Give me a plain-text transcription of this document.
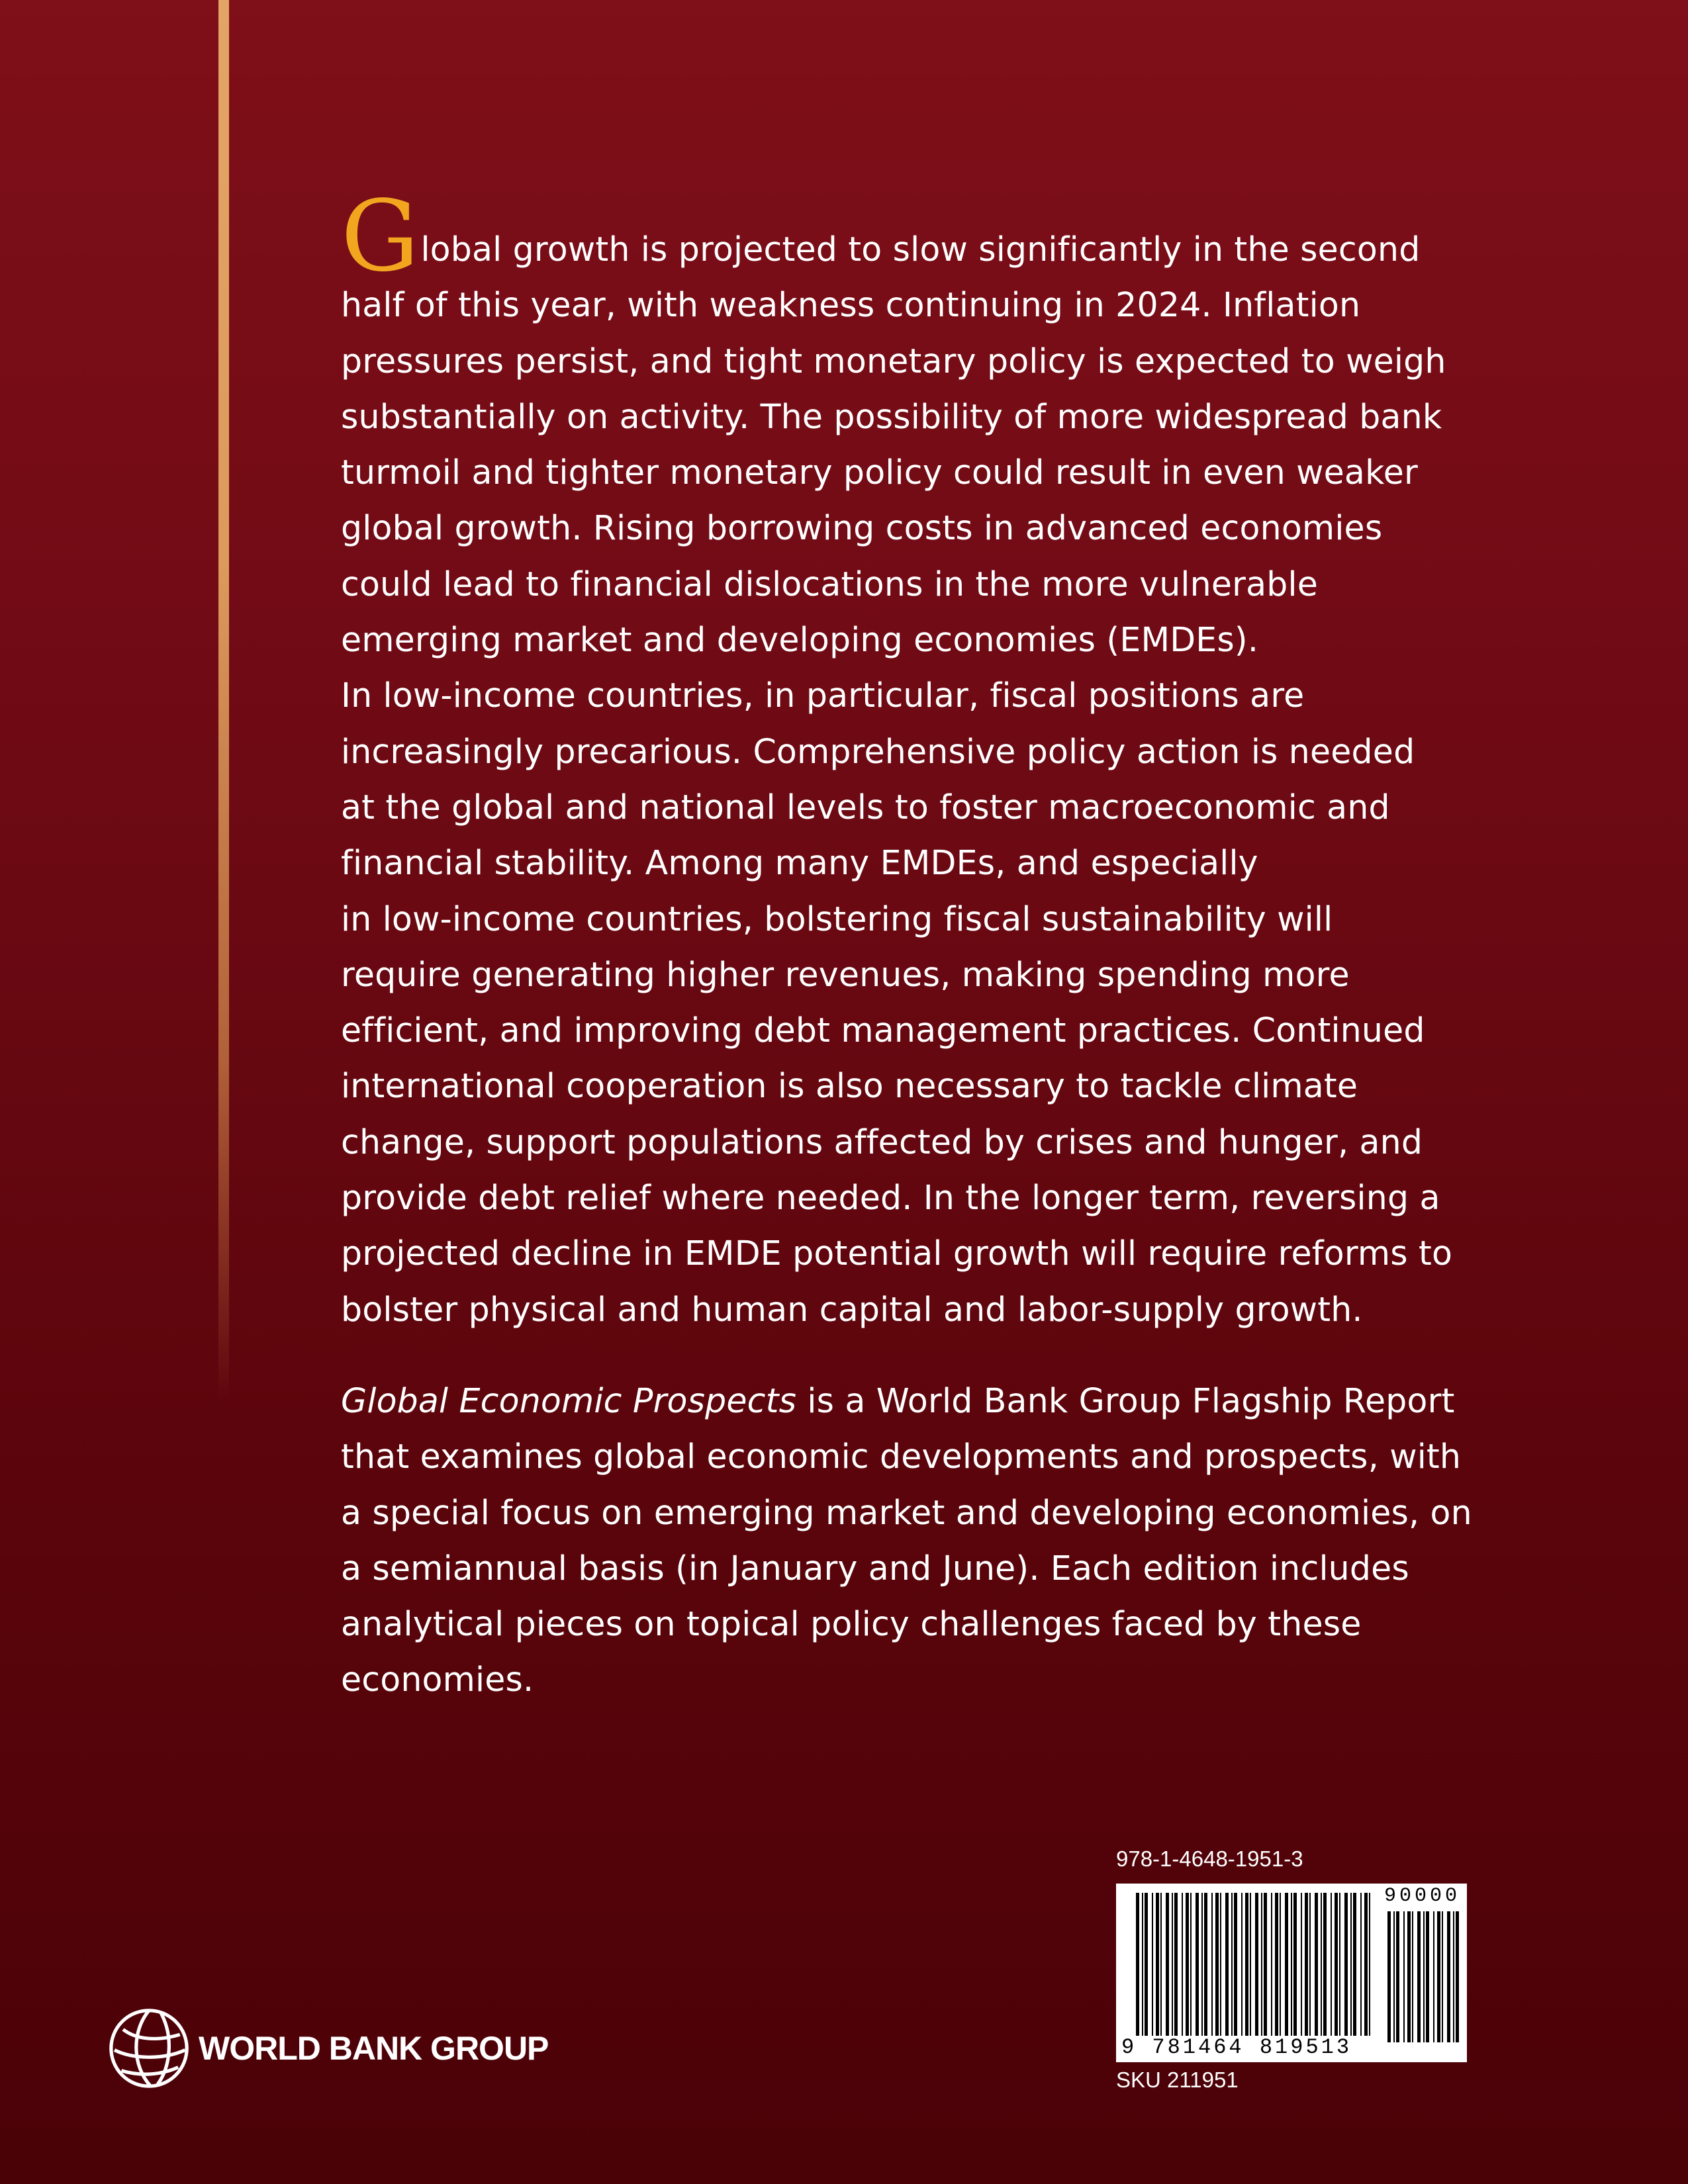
Global growth is projected to slow significantly in the second
half of this year, with weakness continuing in 2024. Inflation
pressures persist, and tight monetary policy is expected to weigh
substantially on activity. The possibility of more widespread bank
turmoil and tighter monetary policy could result in even weaker
global growth. Rising borrowing costs in advanced economies
could lead to financial dislocations in the more vulnerable
emerging market and developing economies (EMDEs).

In low-income countries, in particular, fiscal positions are
increasingly precarious. Comprehensive policy action is needed
at the global and national levels to foster macroeconomic and
financial stability. Among many EMDEs, and especially
in low-income countries, bolstering fiscal sustainability will
require generating higher revenues, making spending more
efficient, and improving debt management practices. Continued
international cooperation is also necessary to tackle climate
change, support populations affected by crises and hunger, and
provide debt relief where needed. In the longer term, reversing a
projected decline in EMDE potential growth will require reforms to
bolster physical and human capital and labor-supply growth.

Global Economic Prospects is a World Bank Group Flagship Report
that examines global economic developments and prospects, with
a special focus on emerging market and developing economies, on
a semiannual basis (in January and June). Each edition includes
analytical pieces on topical policy challenges faced by these
economies.

978-1-4648-1951-3
9 781464 819513
90000
SKU 211951
WORLD BANK GROUP
